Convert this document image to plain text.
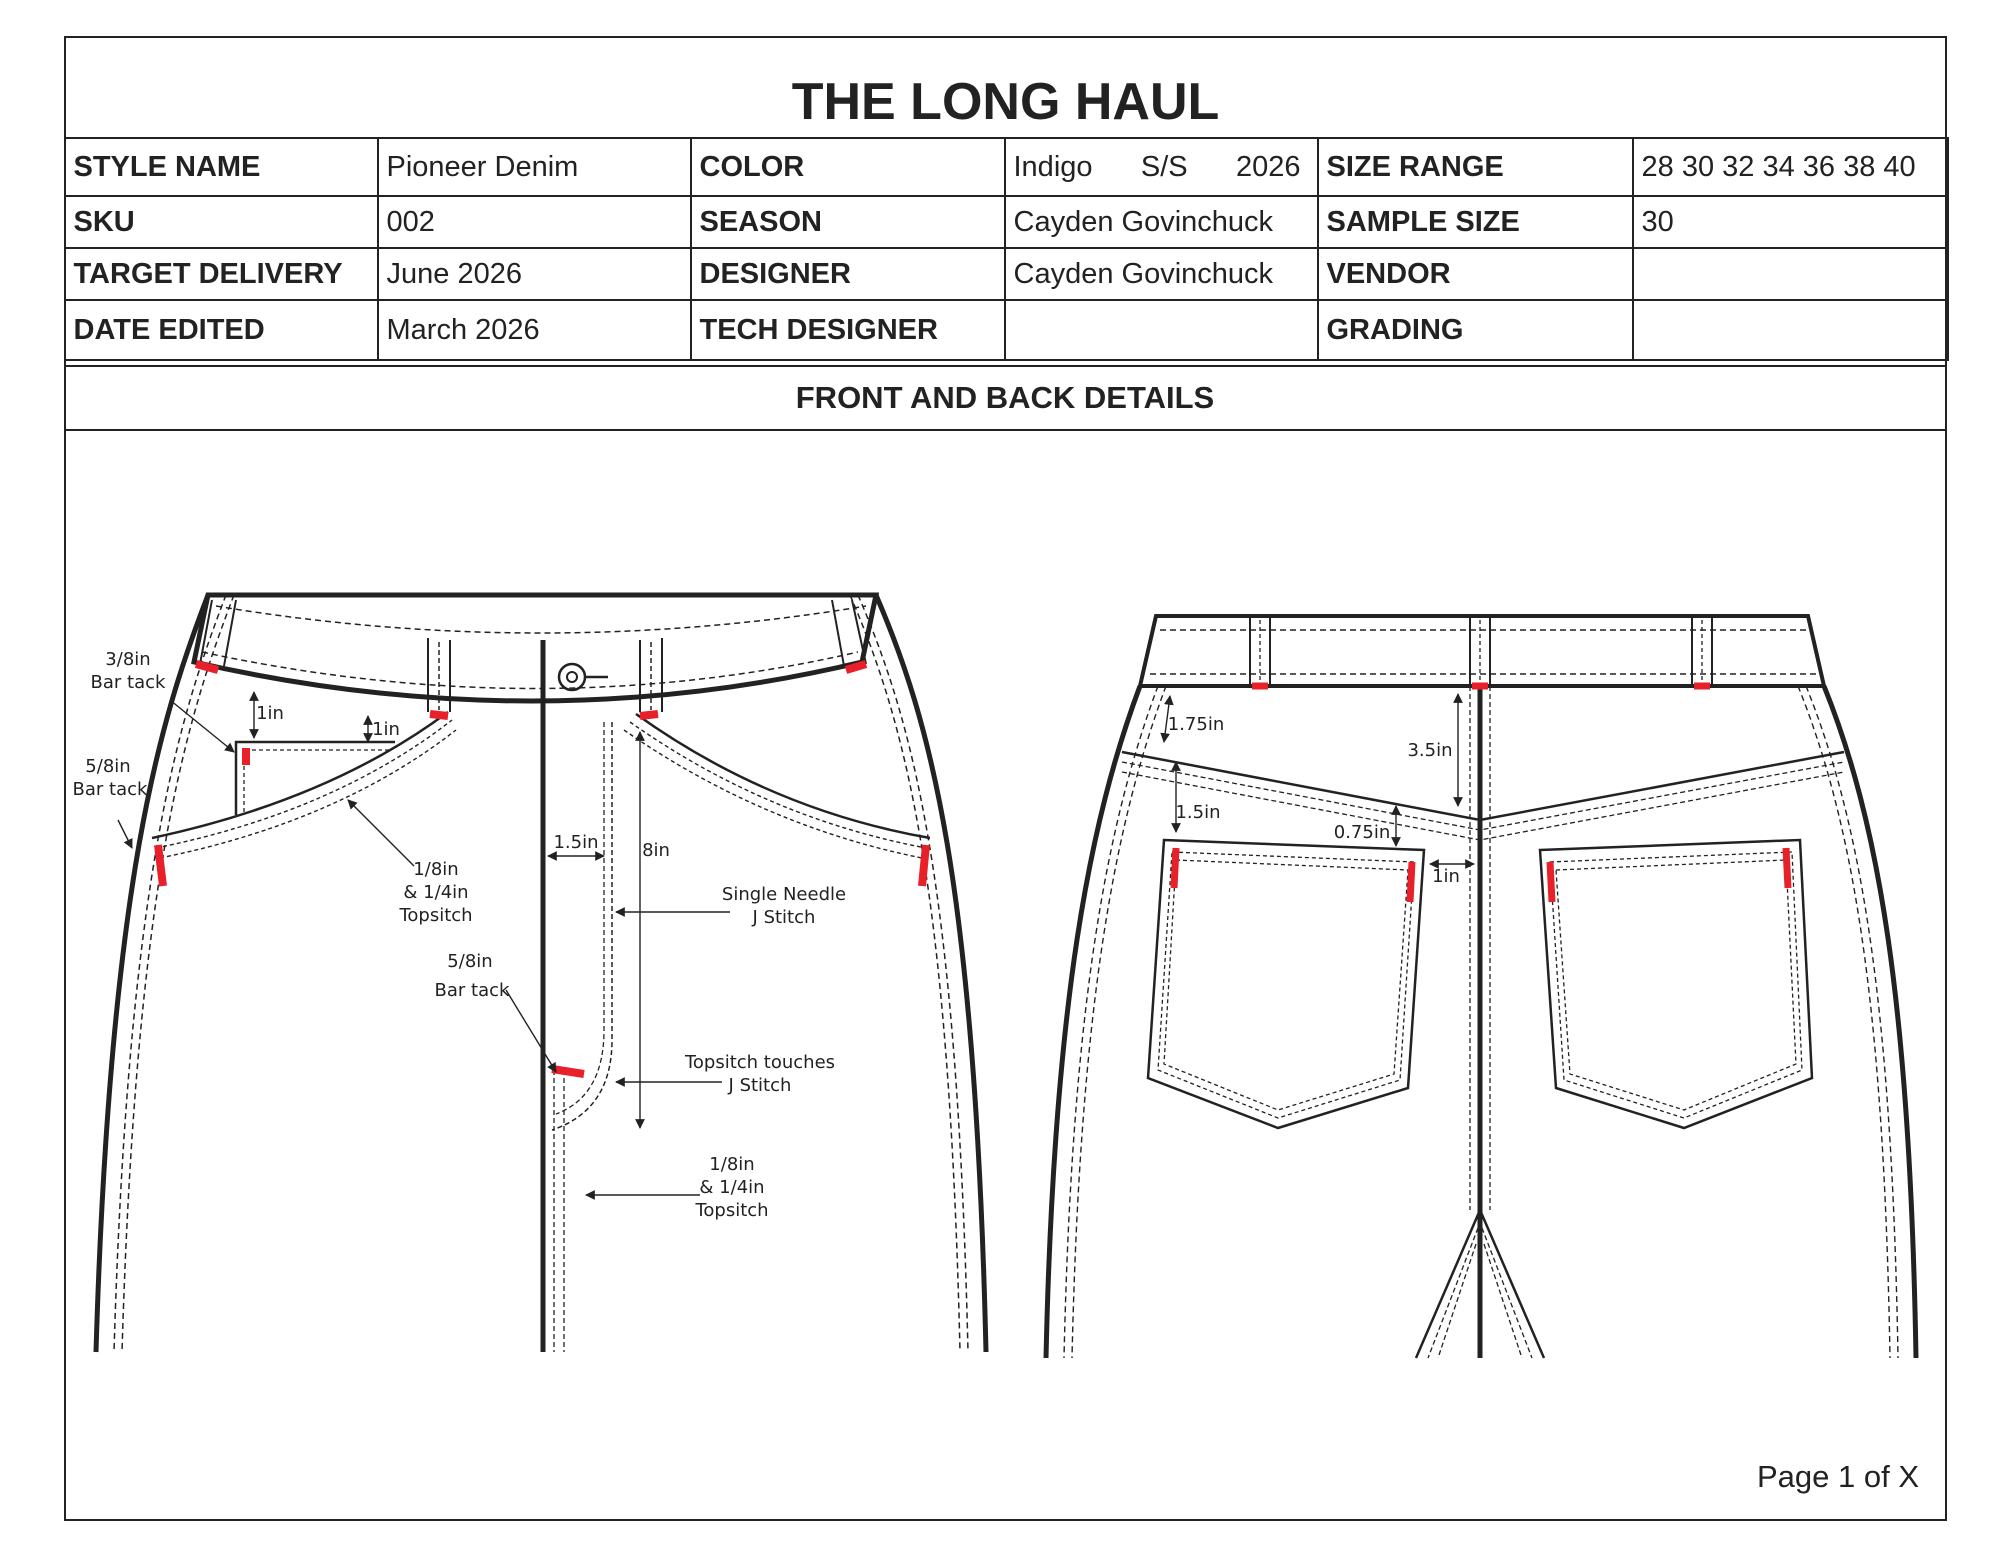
THE LONG HAUL
STYLE NAME	Pioneer Denim	COLOR	Indigo      S/S      2026	SIZE RANGE	28 30 32 34 36 38 40
SKU	002	SEASON	Cayden Govinchuck	SAMPLE SIZE	30
TARGET DELIVERY	June 2026	DESIGNER	Cayden Govinchuck	VENDOR	
DATE EDITED	March 2026	TECH DESIGNER		GRADING	
FRONT AND BACK DETAILS
Page 1 of X
3/8in
Bar tack
5/8in
Bar tack
1in
1in
1/8in
& 1/4in
Topsitch
1.5in 8in
Single Needle
J Stitch
5/8in
Bar tack
Topsitch touches
J Stitch
1/8in
& 1/4in
Topsitch
1.75in
3.5in
1.5in
0.75in
1in
